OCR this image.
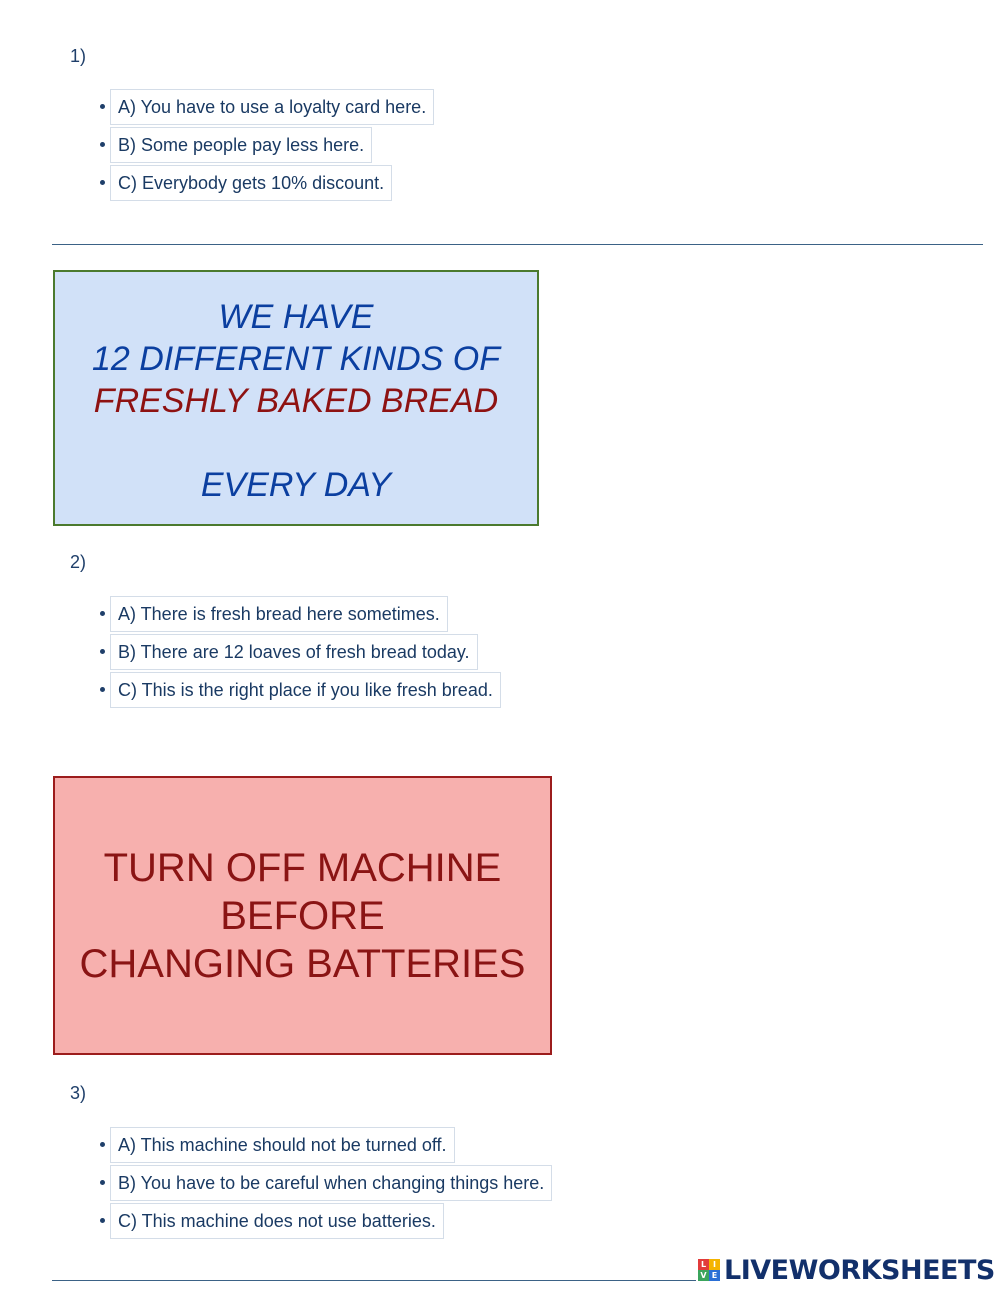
1)
A) You have to use a loyalty card here.
B) Some people pay less here.
C) Everybody gets 10% discount.
WE HAVE
12 DIFFERENT KINDS OF
FRESHLY BAKED BREAD
EVERY DAY
2)
A) There is fresh bread here sometimes.
B) There are 12 loaves of fresh bread today.
C) This is the right place if you like fresh bread.
TURN OFF MACHINE
BEFORE
CHANGING BATTERIES
3)
A) This machine should not be turned off.
B) You have to be careful when changing things here.
C) This machine does not use batteries.
L I
V E LIVEWORKSHEETS
